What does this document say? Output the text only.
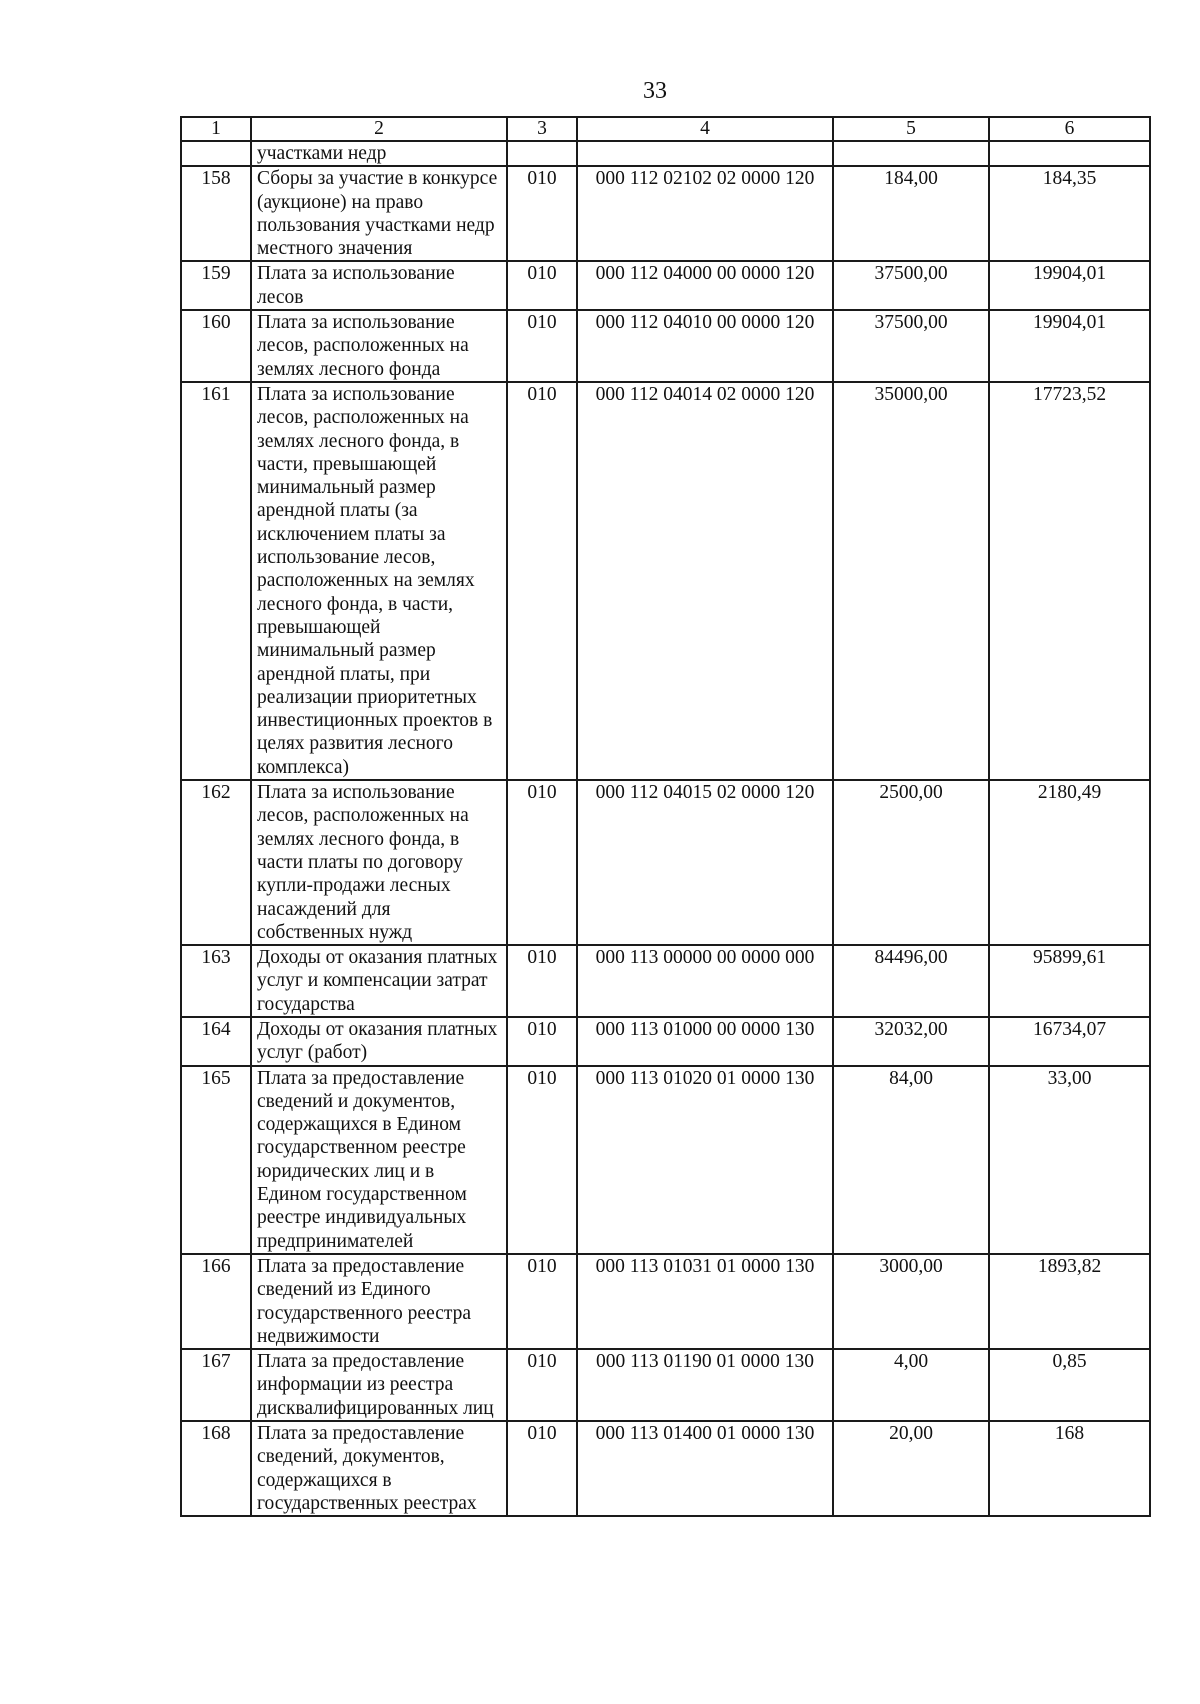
33
1	2	3	4	5	6
	участками недр				
158	Сборы за участие в конкурсе (аукционе) на право пользования участками недр местного значения	010	000 112 02102 02 0000 120	184,00	184,35
159	Плата за использование лесов	010	000 112 04000 00 0000 120	37500,00	19904,01
160	Плата за использование лесов, расположенных на землях лесного фонда	010	000 112 04010 00 0000 120	37500,00	19904,01
161	Плата за использование лесов, расположенных на землях лесного фонда, в части, превышающей минимальный размер арендной платы (за исключением платы за использование лесов, расположенных на землях лесного фонда, в части, превышающей минимальный размер арендной платы, при реализации приоритетных инвестиционных проектов в целях развития лесного комплекса)	010	000 112 04014 02 0000 120	35000,00	17723,52
162	Плата за использование лесов, расположенных на землях лесного фонда, в части платы по договору купли-продажи лесных насаждений для собственных нужд	010	000 112 04015 02 0000 120	2500,00	2180,49
163	Доходы от оказания платных услуг и компенсации затрат государства	010	000 113 00000 00 0000 000	84496,00	95899,61
164	Доходы от оказания платных услуг (работ)	010	000 113 01000 00 0000 130	32032,00	16734,07
165	Плата за предоставление сведений и документов, содержащихся в Едином государственном реестре юридических лиц и в Едином государственном реестре индивидуальных предпринимателей	010	000 113 01020 01 0000 130	84,00	33,00
166	Плата за предоставление сведений из Единого государственного реестра недвижимости	010	000 113 01031 01 0000 130	3000,00	1893,82
167	Плата за предоставление информации из реестра дисквалифицированных лиц	010	000 113 01190 01 0000 130	4,00	0,85
168	Плата за предоставление сведений, документов, содержащихся в государственных реестрах	010	000 113 01400 01 0000 130	20,00	168
